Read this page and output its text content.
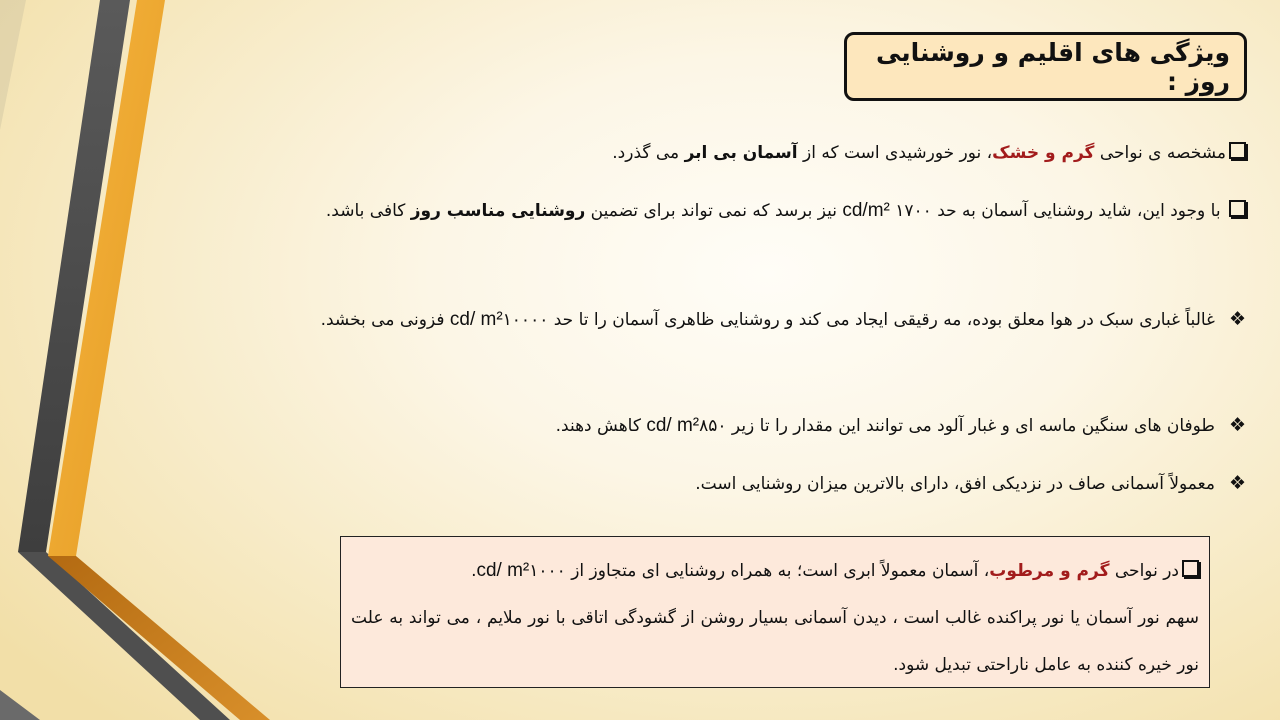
ویژگی های اقلیم و روشنایی روز :

مشخصه ی نواحی گرم و خشک، نور خورشیدی است که از آسمان بی ابر می گذرد.

با وجود این، شاید روشنایی آسمان به حد ۱۷۰۰ cd/m² نیز برسد که نمی تواند برای تضمین روشنایی مناسب روز کافی باشد.

❖غالباً غباری سبک در هوا معلق بوده، مه رقیقی ایجاد می کند و روشنایی ظاهری آسمان را تا حد ۱۰۰۰۰cd/ m² فزونی می بخشد.

❖طوفان های سنگین ماسه ای و غبار آلود می توانند این مقدار را تا زیر ۸۵۰cd/ m² کاهش دهند.

❖معمولاً آسمانی صاف در نزدیکی افق، دارای بالاترین میزان روشنایی است.

در نواحی گرم و مرطوب، آسمان معمولاً ابری است؛ به همراه روشنایی ای متجاوز از ۱۰۰۰cd/ m².

سهم نور آسمان یا نور پراکنده غالب است ، دیدن آسمانی بسیار روشن از گشودگی اتاقی با نور ملایم ، می تواند به علت نور خیره کننده به عامل ناراحتی تبدیل شود.
